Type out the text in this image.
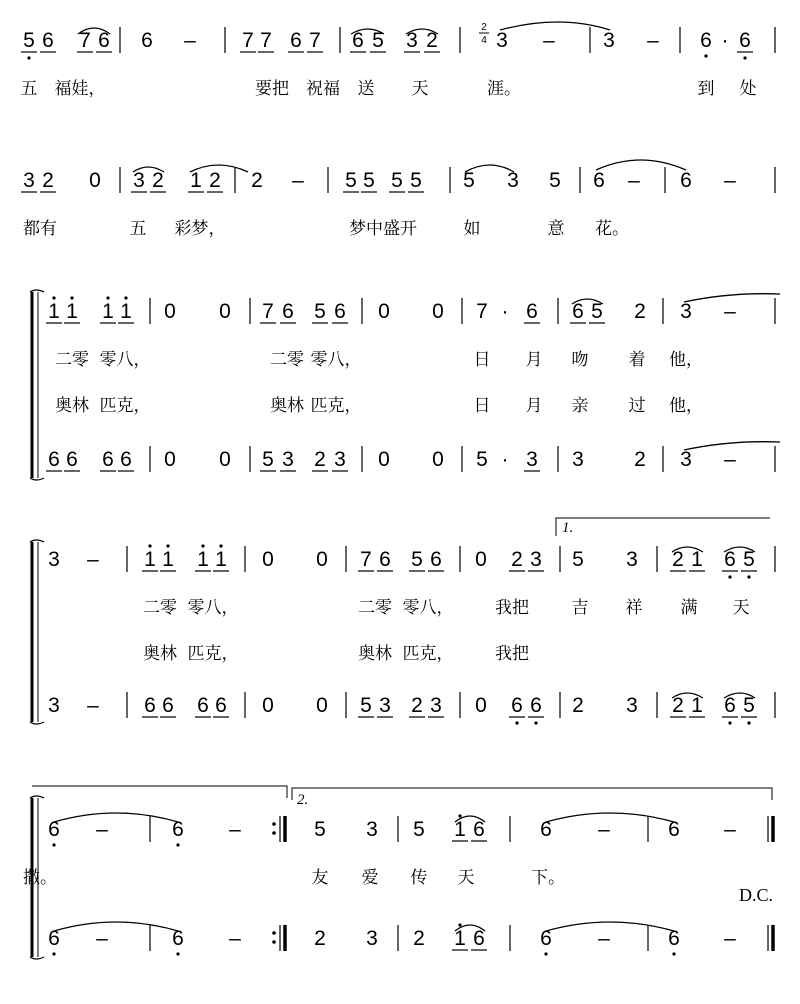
1.
2.
2
4
D.C.
5 6 7 6 6 – 7 7 6 7 6 5 3 2	3 – 3 – 6 · 6
五 福娃，	要把 祝福 送 天	涯。	到 处
3 2 0 3 2 1 2 2 – 5 5 5 5 5 3 5 6 – 6 –
都有	五 彩梦，	梦中盛开	如	意 花。
1 1 1 1 0 0 7 6 5 6 0 0 7 · 6 6 5 2 3 –
二零 零八，	二零 零八，	日 月 吻 着 他，
奥林 匹克，	奥林 匹克，	日 月 亲 过 他，
6 6 6 6 0 0 5 3 2 3 0 0 5 · 3 3 2 3 –
3 – 1 1 1 1 0 0 7 6 5 6 0 2 3 5 3 2 1 6 5
二零 零八，	二零 零八， 我把	吉 祥 满 天
奥林 匹克，	奥林 匹克， 我把
3 – 6 6 6 6 0 0 5 3 2 3 0 6 6 2 3 2 1 6 5
6 –	6 –	5 3 5 1 6	6 –	6 –
撒。	友 爱 传 天	下。
6 –	6 –	2 3 2 1 6	6 –	6 –
